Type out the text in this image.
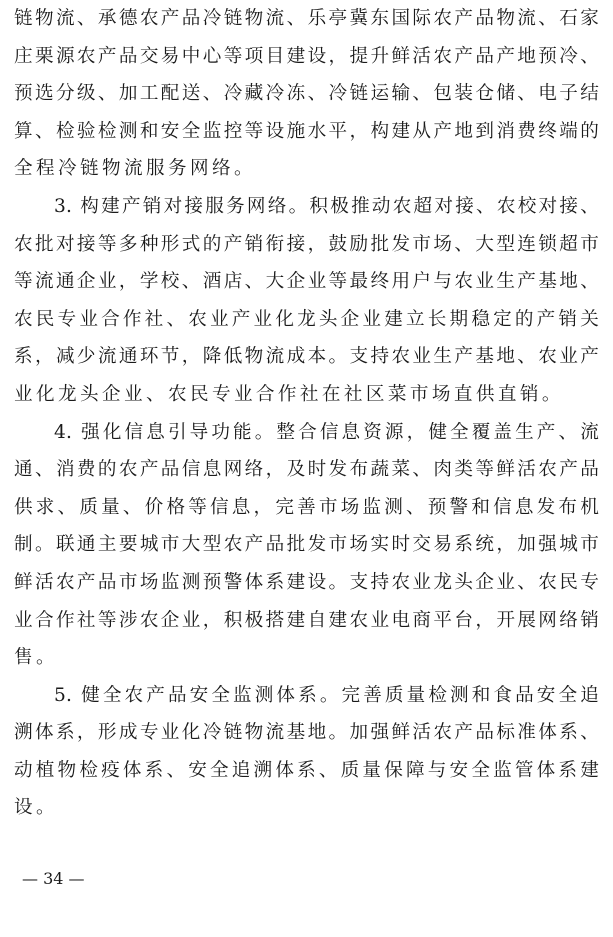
链物流、承德农产品冷链物流、乐亭冀东国际农产品物流、石家
庄栗源农产品交易中心等项目建设，提升鲜活农产品产地预冷、
预选分级、加工配送、冷藏冷冻、冷链运输、包装仓储、电子结
算、检验检测和安全监控等设施水平，构建从产地到消费终端的
全程冷链物流服务网络。
3. 构建产销对接服务网络。积极推动农超对接、农校对接、
农批对接等多种形式的产销衔接，鼓励批发市场、大型连锁超市
等流通企业，学校、酒店、大企业等最终用户与农业生产基地、
农民专业合作社、农业产业化龙头企业建立长期稳定的产销关
系，减少流通环节，降低物流成本。支持农业生产基地、农业产
业化龙头企业、农民专业合作社在社区菜市场直供直销。
4. 强化信息引导功能。整合信息资源，健全覆盖生产、流
通、消费的农产品信息网络，及时发布蔬菜、肉类等鲜活农产品
供求、质量、价格等信息，完善市场监测、预警和信息发布机
制。联通主要城市大型农产品批发市场实时交易系统，加强城市
鲜活农产品市场监测预警体系建设。支持农业龙头企业、农民专
业合作社等涉农企业，积极搭建自建农业电商平台，开展网络销
售。
5. 健全农产品安全监测体系。完善质量检测和食品安全追
溯体系，形成专业化冷链物流基地。加强鲜活农产品标准体系、
动植物检疫体系、安全追溯体系、质量保障与安全监管体系建
设。
— 34 —
